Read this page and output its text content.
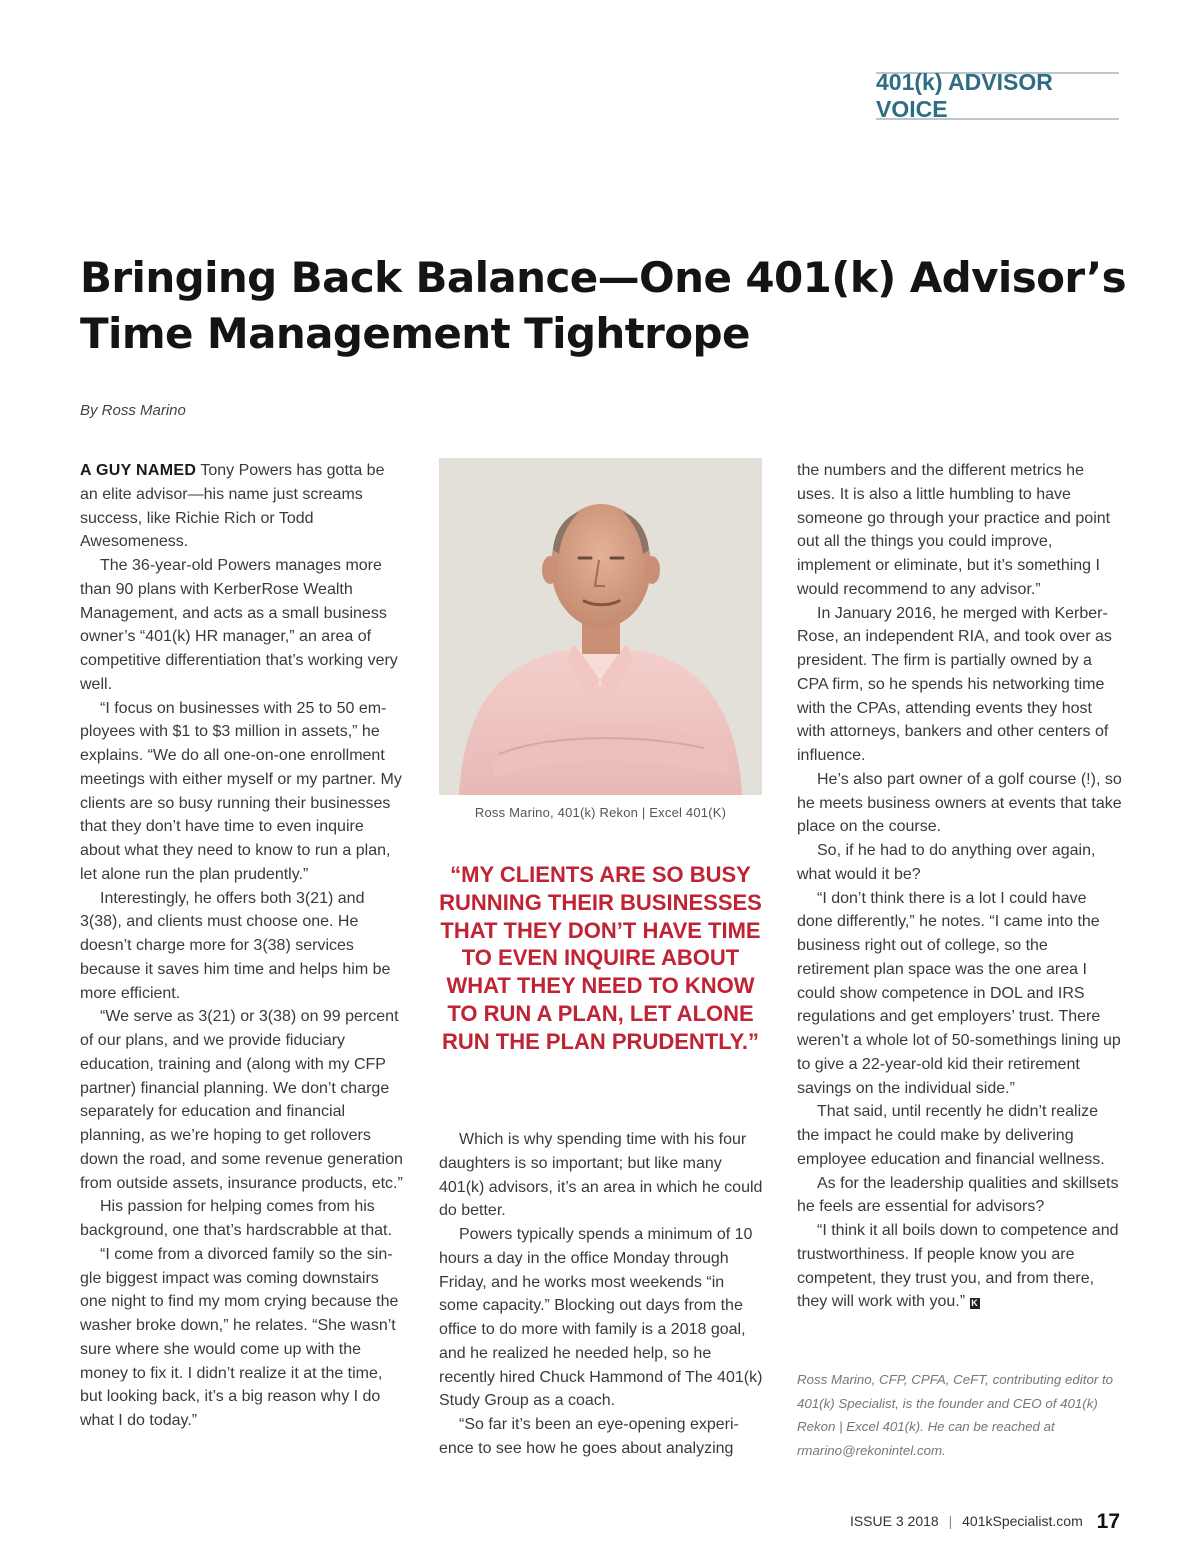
401(k) ADVISOR VOICE
Bringing Back Balance—One 401(k) Advisor’s
Time Management Tightrope
By Ross Marino

A GUY NAMED Tony Powers has gotta be an elite advisor—his name just screams success, like Richie Rich or Todd Awesomeness.

The 36-year-old Powers manages more than 90 plans with KerberRose Wealth Management, and acts as a small business owner’s “401(k) HR manager,” an area of competitive differentiation that’s working very well.

“I focus on businesses with 25 to 50 employees with $1 to $3 million in assets,” he explains. “We do all one-on-one enrollment meetings with either myself or my partner. My clients are so busy running their businesses that they don’t have time to even inquire about what they need to know to run a plan, let alone run the plan prudently.”

Interestingly, he offers both 3(21) and 3(38), and clients must choose one. He doesn’t charge more for 3(38) services because it saves him time and helps him be more efficient.

“We serve as 3(21) or 3(38) on 99 percent of our plans, and we provide fiduciary education, training and (along with my CFP partner) financial planning. We don’t charge separately for education and financial planning, as we’re hoping to get rollovers down the road, and some revenue generation from outside assets, insurance products, etc.”

His passion for helping comes from his background, one that’s hardscrabble at that.

“I come from a divorced family so the single biggest impact was coming downstairs one night to find my mom crying because the washer broke down,” he relates. “She wasn’t sure where she would come up with the money to fix it. I didn’t realize it at the time, but looking back, it’s a big reason why I do what I do today.”

Ross Marino, 401(k) Rekon | Excel 401(K)
“MY CLIENTS ARE SO BUSY RUNNING THEIR BUSINESSES THAT THEY DON’T HAVE TIME TO EVEN INQUIRE ABOUT WHAT THEY NEED TO KNOW TO RUN A PLAN, LET ALONE RUN THE PLAN PRUDENTLY.”

Which is why spending time with his four daughters is so important; but like many 401(k) advisors, it’s an area in which he could do better.

Powers typically spends a minimum of 10 hours a day in the office Monday through Friday, and he works most weekends “in some capacity.” Blocking out days from the office to do more with family is a 2018 goal, and he realized he needed help, so he recently hired Chuck Hammond of The 401(k) Study Group as a coach.

“So far it’s been an eye-opening experience to see how he goes about analyzing

the numbers and the different metrics he uses. It is also a little humbling to have someone go through your practice and point out all the things you could improve, implement or eliminate, but it’s something I would recommend to any advisor.”

In January 2016, he merged with KerberRose, an independent RIA, and took over as president. The firm is partially owned by a CPA firm, so he spends his networking time with the CPAs, attending events they host with attorneys, bankers and other centers of influence.

He’s also part owner of a golf course (!), so he meets business owners at events that take place on the course.

So, if he had to do anything over again, what would it be?

“I don’t think there is a lot I could have done differently,” he notes. “I came into the business right out of college, so the retirement plan space was the one area I could show competence in DOL and IRS regulations and get employers’ trust. There weren’t a whole lot of 50-somethings lining up to give a 22-year-old kid their retirement savings on the individual side.”

That said, until recently he didn’t realize the impact he could make by delivering employee education and financial wellness.

As for the leadership qualities and skillsets he feels are essential for advisors?

“I think it all boils down to competence and trustworthiness. If people know you are competent, they trust you, and from there, they will work with you.” K

Ross Marino, CFP, CPFA, CeFT, contributing editor to 401(k) Specialist, is the founder and CEO of 401(k) Rekon | Excel 401(k). He can be reached at rmarino@rekonintel.com.
ISSUE 3 2018 | 401kSpecialist.com 17
